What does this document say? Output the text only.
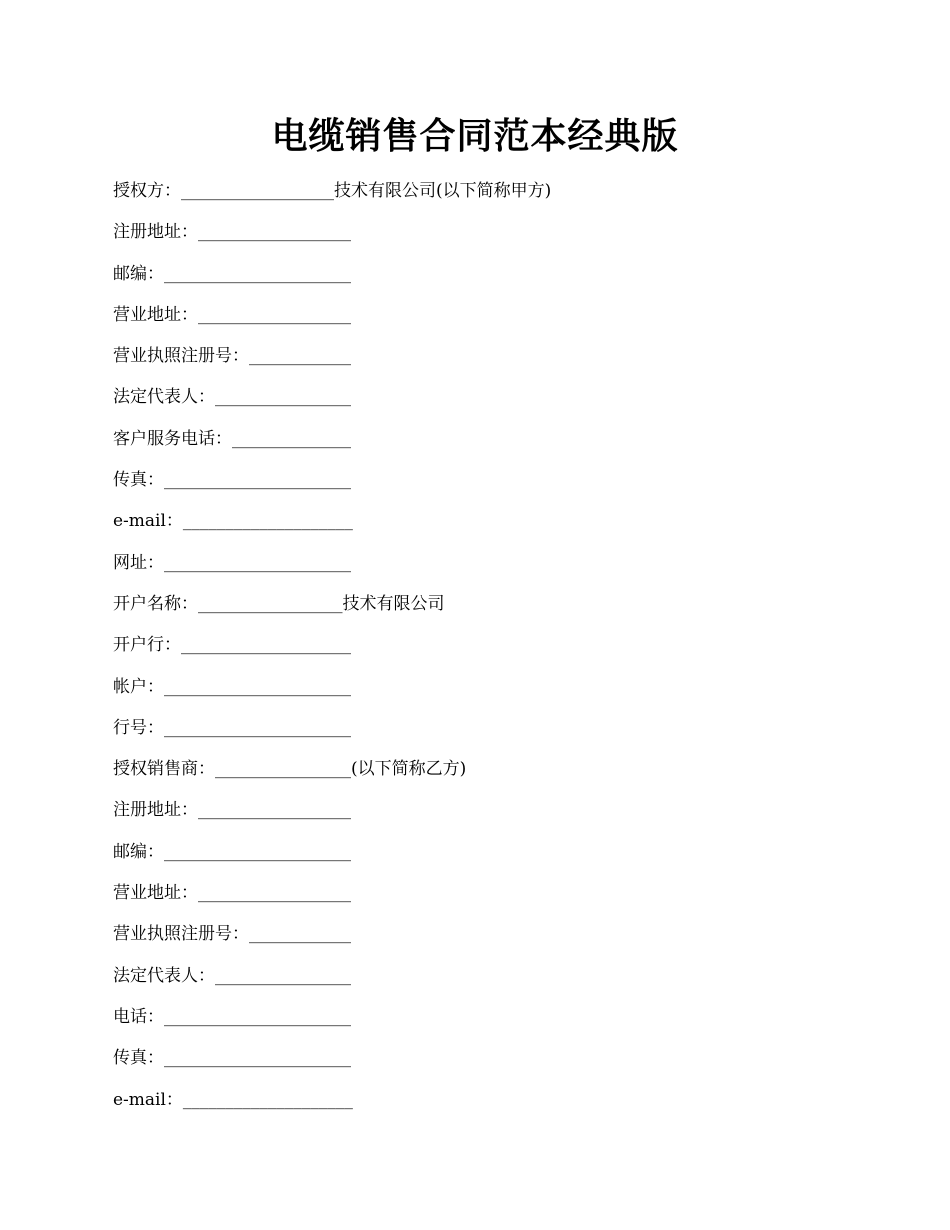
电缆销售合同范本经典版
授权方：__________________技术有限公司(以下简称甲方)
注册地址：__________________
邮编：______________________
营业地址：__________________
营业执照注册号：____________
法定代表人：________________
客户服务电话：______________
传真：______________________
e-mail：____________________
网址：______________________
开户名称：_________________技术有限公司
开户行：____________________
帐户：______________________
行号：______________________
授权销售商：________________(以下简称乙方)
注册地址：__________________
邮编：______________________
营业地址：__________________
营业执照注册号：____________
法定代表人：________________
电话：______________________
传真：______________________
e-mail：____________________
